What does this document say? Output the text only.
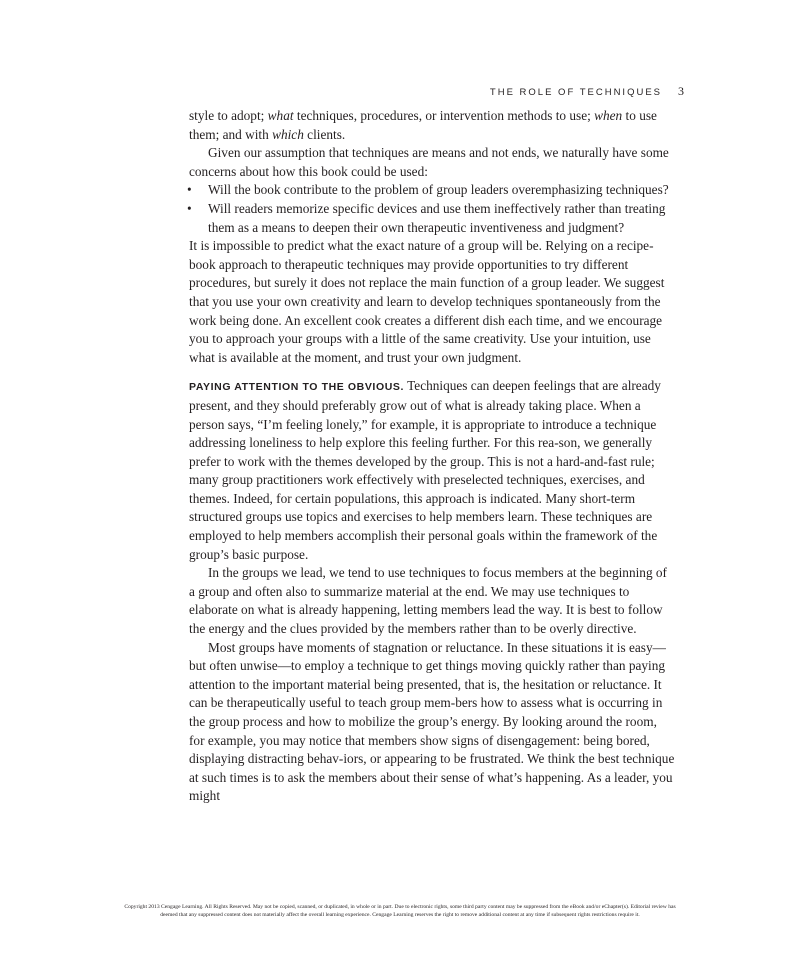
THE ROLE OF TECHNIQUES 3

style to adopt; what techniques, procedures, or intervention methods to use; when to use them; and with which clients.

Given our assumption that techniques are means and not ends, we naturally have some concerns about how this book could be used:

• Will the book contribute to the problem of group leaders overemphasizing techniques?
• Will readers memorize specific devices and use them ineffectively rather than treating them as a means to deepen their own therapeutic inventiveness and judgment?

It is impossible to predict what the exact nature of a group will be. Relying on a recipe-book approach to therapeutic techniques may provide opportunities to try different procedures, but surely it does not replace the main function of a group leader. We suggest that you use your own creativity and learn to develop techniques spontaneously from the work being done. An excellent cook creates a different dish each time, and we encourage you to approach your groups with a little of the same creativity. Use your intuition, use what is available at the moment, and trust your own judgment.

PAYING ATTENTION TO THE OBVIOUS. Techniques can deepen feelings that are already present, and they should preferably grow out of what is already taking place. When a person says, “I’m feeling lonely,” for example, it is appropriate to introduce a technique addressing loneliness to help explore this feeling further. For this rea-son, we generally prefer to work with the themes developed by the group. This is not a hard-and-fast rule; many group practitioners work effectively with preselected techniques, exercises, and themes. Indeed, for certain populations, this approach is indicated. Many short-term structured groups use topics and exercises to help members learn. These techniques are employed to help members accomplish their personal goals within the framework of the group’s basic purpose.

In the groups we lead, we tend to use techniques to focus members at the beginning of a group and often also to summarize material at the end. We may use techniques to elaborate on what is already happening, letting members lead the way. It is best to follow the energy and the clues provided by the members rather than to be overly directive.

Most groups have moments of stagnation or reluctance. In these situations it is easy—but often unwise—to employ a technique to get things moving quickly rather than paying attention to the important material being presented, that is, the hesitation or reluctance. It can be therapeutically useful to teach group mem-bers how to assess what is occurring in the group process and how to mobilize the group’s energy. By looking around the room, for example, you may notice that members show signs of disengagement: being bored, displaying distracting behav-iors, or appearing to be frustrated. We think the best technique at such times is to ask the members about their sense of what’s happening. As a leader, you might

Copyright 2013 Cengage Learning. All Rights Reserved. May not be copied, scanned, or duplicated, in whole or in part. Due to electronic rights, some third party content may be suppressed from the eBook and/or eChapter(s). Editorial review has
deemed that any suppressed content does not materially affect the overall learning experience. Cengage Learning reserves the right to remove additional content at any time if subsequent rights restrictions require it.
